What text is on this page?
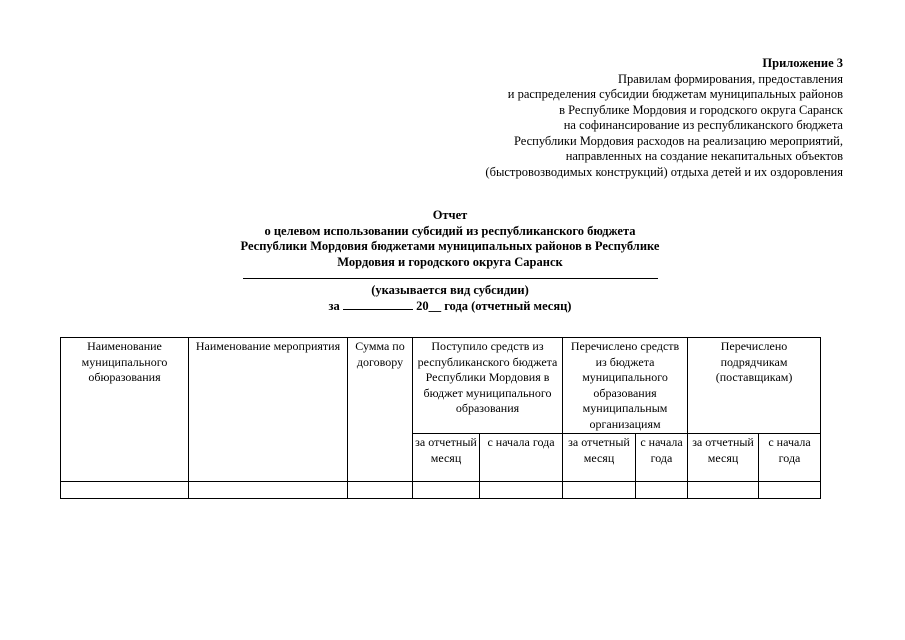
Приложение 3
Правилам формирования, предоставления
и распределения субсидии бюджетам муниципальных районов
в Республике Мордовия и городского округа Саранск
на софинансирование из республиканского бюджета
Республики Мордовия расходов на реализацию мероприятий,
направленных на создание некапитальных объектов
(быстровозводимых конструкций) отдыха детей и их оздоровления
Отчет
о целевом использовании субсидий из республиканского бюджета
Республики Мордовия бюджетами муниципальных районов в Республике
Мордовия и городского округа Саранск
(указывается вид субсидии)
за	20__ года (отчетный месяц)
Наименование муниципального обюразования	Наименование мероприятия	Сумма по договору	Поступило средств из республиканского бюджета Республики Мордовия в бюджет муниципального образования		Перечислено средств из бюджета муниципального образования муниципальным организациям		Перечислено подрядчикам (поставщикам)	
			за отчетный месяц	с начала года	за отчетный месяц	с начала года	за отчетный месяц	с начала года
